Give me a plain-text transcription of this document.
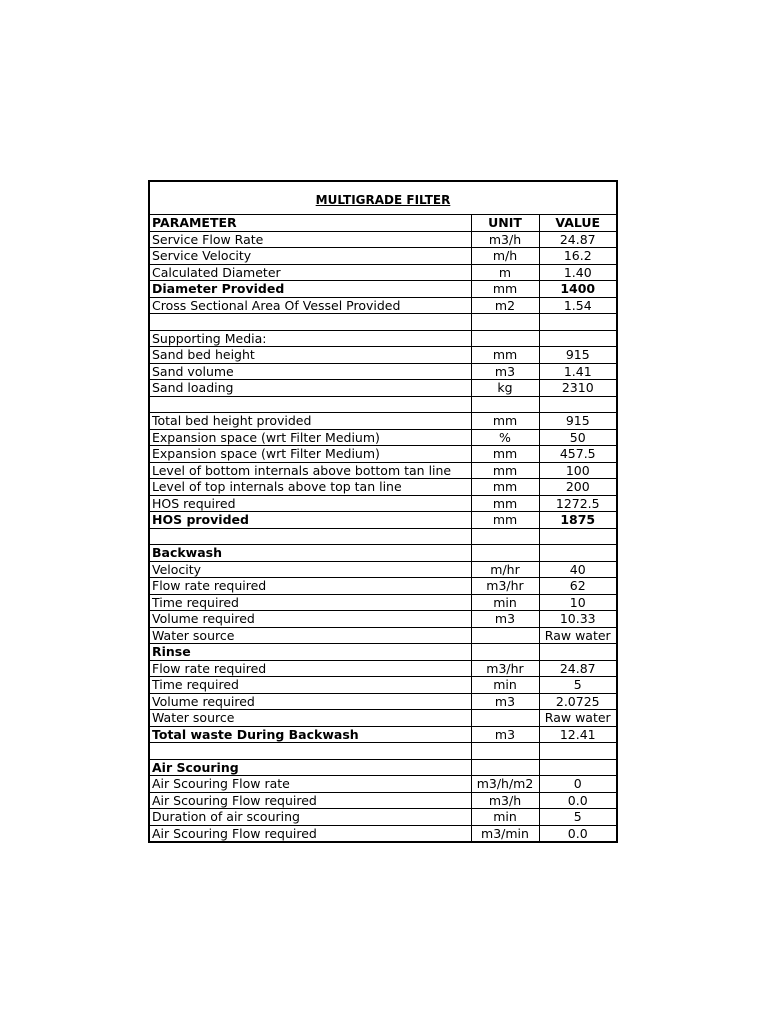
MULTIGRADE FILTER
PARAMETER	UNIT	VALUE
Service Flow Rate	m3/h	24.87
Service Velocity	m/h	16.2
Calculated Diameter	m	1.40
Diameter Provided	mm	1400
Cross Sectional Area Of Vessel Provided	m2	1.54

Supporting Media:		
Sand bed height	mm	915
Sand volume	m3	1.41
Sand loading	kg	2310

Total bed height provided	mm	915
Expansion space (wrt Filter Medium)	%	50
Expansion space (wrt Filter Medium)	mm	457.5
Level of bottom internals above bottom tan line	mm	100
Level of top internals above top tan line	mm	200
HOS required	mm	1272.5
HOS provided	mm	1875

Backwash		
Velocity	m/hr	40
Flow rate required	m3/hr	62
Time required	min	10
Volume required	m3	10.33
Water source		Raw water
Rinse		
Flow rate required	m3/hr	24.87
Time required	min	5
Volume required	m3	2.0725
Water source		Raw water
Total waste During Backwash	m3	12.41

Air Scouring		
Air Scouring Flow rate	m3/h/m2	0
Air Scouring Flow required	m3/h	0.0
Duration of air scouring	min	5
Air Scouring Flow required	m3/min	0.0
